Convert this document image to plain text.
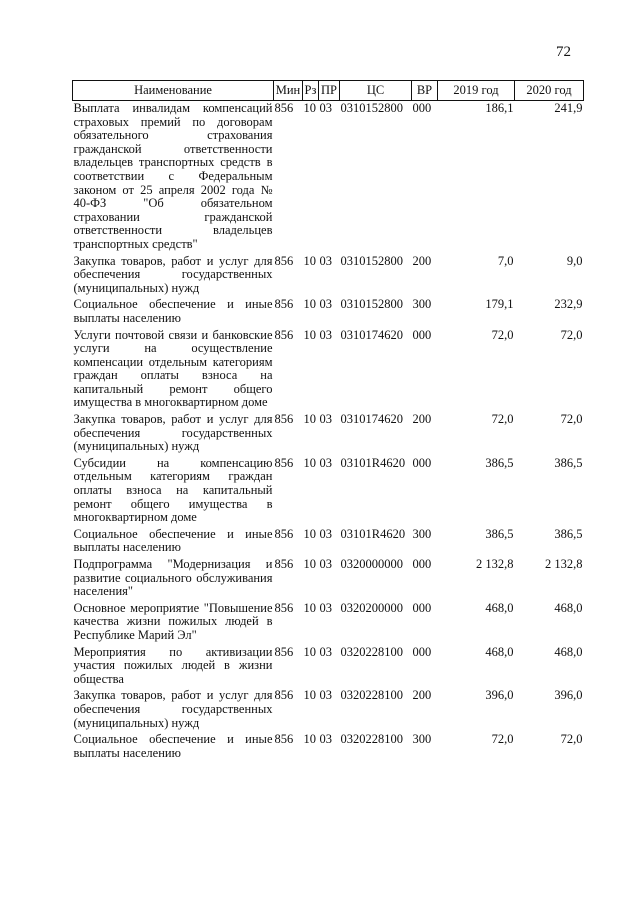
72
Наименование	Мин	Рз	ПР	ЦС	ВР	2019 год	2020 год
Выплата инвалидам компенсаций страховых премий по договорам обязательного страхования гражданской ответственности владельцев транспортных средств в соответствии с Федеральным законом от 25 апреля 2002 года № 40-ФЗ "Об обязательном страховании гражданской ответственности владельцев транспортных средств"	856	10	03	0310152800	000	186,1	241,9
Закупка товаров, работ и услуг для обеспечения государственных (муниципальных) нужд	856	10	03	0310152800	200	7,0	9,0
Социальное обеспечение и иные выплаты населению	856	10	03	0310152800	300	179,1	232,9
Услуги почтовой связи и банковские услуги на осуществление компенсации отдельным категориям граждан оплаты взноса на капитальный ремонт общего имущества в многоквартирном доме	856	10	03	0310174620	000	72,0	72,0
Закупка товаров, работ и услуг для обеспечения государственных (муниципальных) нужд	856	10	03	0310174620	200	72,0	72,0
Субсидии на компенсацию отдельным категориям граждан оплаты взноса на капитальный ремонт общего имущества в многоквартирном доме	856	10	03	03101R4620	000	386,5	386,5
Социальное обеспечение и иные выплаты населению	856	10	03	03101R4620	300	386,5	386,5
Подпрограмма "Модернизация и развитие социального обслуживания населения"	856	10	03	0320000000	000	2 132,8	2 132,8
Основное мероприятие "Повышение качества жизни пожилых людей в Республике Марий Эл"	856	10	03	0320200000	000	468,0	468,0
Мероприятия по активизации участия пожилых людей в жизни общества	856	10	03	0320228100	000	468,0	468,0
Закупка товаров, работ и услуг для обеспечения государственных (муниципальных) нужд	856	10	03	0320228100	200	396,0	396,0
Социальное обеспечение и иные выплаты населению	856	10	03	0320228100	300	72,0	72,0
